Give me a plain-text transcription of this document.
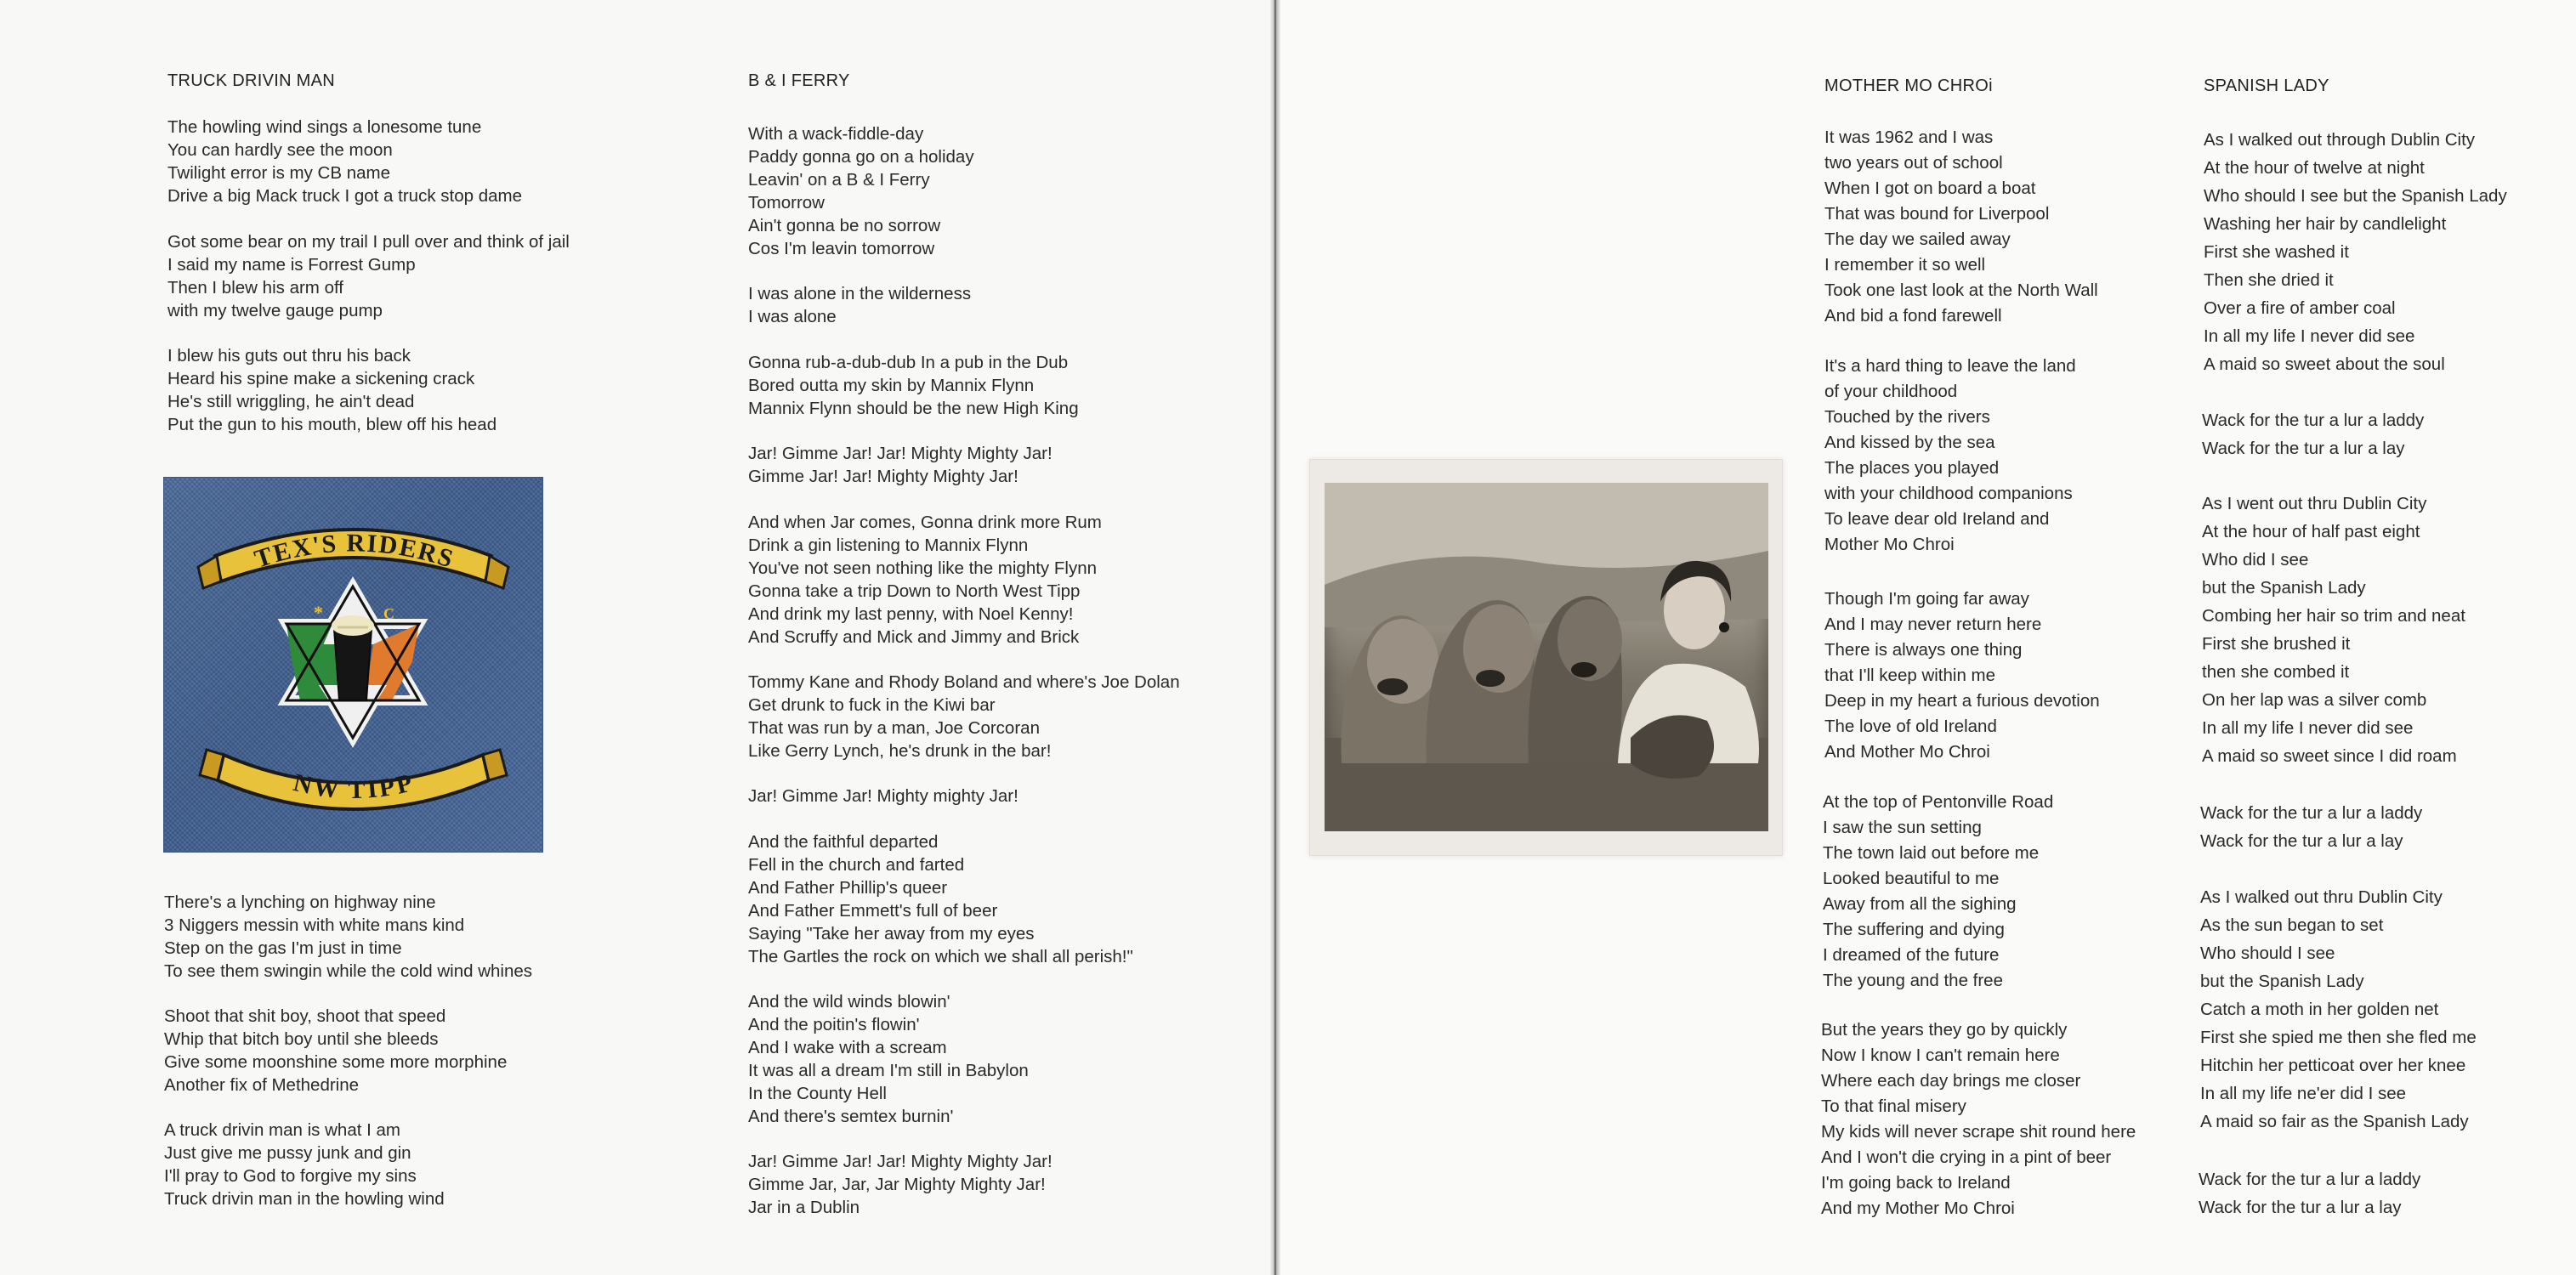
TRUCK DRIVIN MAN
The howling wind sings a lonesome tune
You can hardly see the moon
Twilight error is my CB name
Drive a big Mack truck I got a truck stop dame
Got some bear on my trail I pull over and think of jail
I said my name is Forrest Gump
Then I blew his arm off
with my twelve gauge pump
I blew his guts out thru his back
Heard his spine make a sickening crack
He's still wriggling, he ain't dead
Put the gun to his mouth, blew off his head
*	C
TEX'S RIDERS
NW TIPP
There's a lynching on highway nine
3 Niggers messin with white mans kind
Step on the gas I'm just in time
To see them swingin while the cold wind whines
Shoot that shit boy, shoot that speed
Whip that bitch boy until she bleeds
Give some moonshine some more morphine
Another fix of Methedrine
A truck drivin man is what I am
Just give me pussy junk and gin
I'll pray to God to forgive my sins
Truck drivin man in the howling wind
B & I FERRY
With a wack-fiddle-day
Paddy gonna go on a holiday
Leavin' on a B & I Ferry
Tomorrow
Ain't gonna be no sorrow
Cos I'm leavin tomorrow
I was alone in the wilderness
I was alone
Gonna rub-a-dub-dub In a pub in the Dub
Bored outta my skin by Mannix Flynn
Mannix Flynn should be the new High King
Jar! Gimme Jar! Jar! Mighty Mighty Jar!
Gimme Jar! Jar! Mighty Mighty Jar!
And when Jar comes, Gonna drink more Rum
Drink a gin listening to Mannix Flynn
You've not seen nothing like the mighty Flynn
Gonna take a trip Down to North West Tipp
And drink my last penny, with Noel Kenny!
And Scruffy and Mick and Jimmy and Brick
Tommy Kane and Rhody Boland and where's Joe Dolan
Get drunk to fuck in the Kiwi bar
That was run by a man, Joe Corcoran
Like Gerry Lynch, he's drunk in the bar!
Jar! Gimme Jar! Mighty mighty Jar!
And the faithful departed
Fell in the church and farted
And Father Phillip's queer
And Father Emmett's full of beer
Saying "Take her away from my eyes
The Gartles the rock on which we shall all perish!"
And the wild winds blowin'
And the poitin's flowin'
And I wake with a scream
It was all a dream I'm still in Babylon
In the County Hell
And there's semtex burnin'
Jar! Gimme Jar! Jar! Mighty Mighty Jar!
Gimme Jar, Jar, Jar Mighty Mighty Jar!
Jar in a Dublin
MOTHER MO CHROi
It was 1962 and I was
two years out of school
When I got on board a boat
That was bound for Liverpool
The day we sailed away
I remember it so well
Took one last look at the North Wall
And bid a fond farewell
It's a hard thing to leave the land
of your childhood
Touched by the rivers
And kissed by the sea
The places you played
with your childhood companions
To leave dear old Ireland and
Mother Mo Chroi
Though I'm going far away
And I may never return here
There is always one thing
that I'll keep within me
Deep in my heart a furious devotion
The love of old Ireland
And Mother Mo Chroi
At the top of Pentonville Road
I saw the sun setting
The town laid out before me
Looked beautiful to me
Away from all the sighing
The suffering and dying
I dreamed of the future
The young and the free
But the years they go by quickly
Now I know I can't remain here
Where each day brings me closer
To that final misery
My kids will never scrape shit round here
And I won't die crying in a pint of beer
I'm going back to Ireland
And my Mother Mo Chroi
SPANISH LADY
As I walked out through Dublin City
At the hour of twelve at night
Who should I see but the Spanish Lady
Washing her hair by candlelight
First she washed it
Then she dried it
Over a fire of amber coal
In all my life I never did see
A maid so sweet about the soul
Wack for the tur a lur a laddy
Wack for the tur a lur a lay
As I went out thru Dublin City
At the hour of half past eight
Who did I see
but the Spanish Lady
Combing her hair so trim and neat
First she brushed it
then she combed it
On her lap was a silver comb
In all my life I never did see
A maid so sweet since I did roam
Wack for the tur a lur a laddy
Wack for the tur a lur a lay
As I walked out thru Dublin City
As the sun began to set
Who should I see
but the Spanish Lady
Catch a moth in her golden net
First she spied me then she fled me
Hitchin her petticoat over her knee
In all my life ne'er did I see
A maid so fair as the Spanish Lady
Wack for the tur a lur a laddy
Wack for the tur a lur a lay
